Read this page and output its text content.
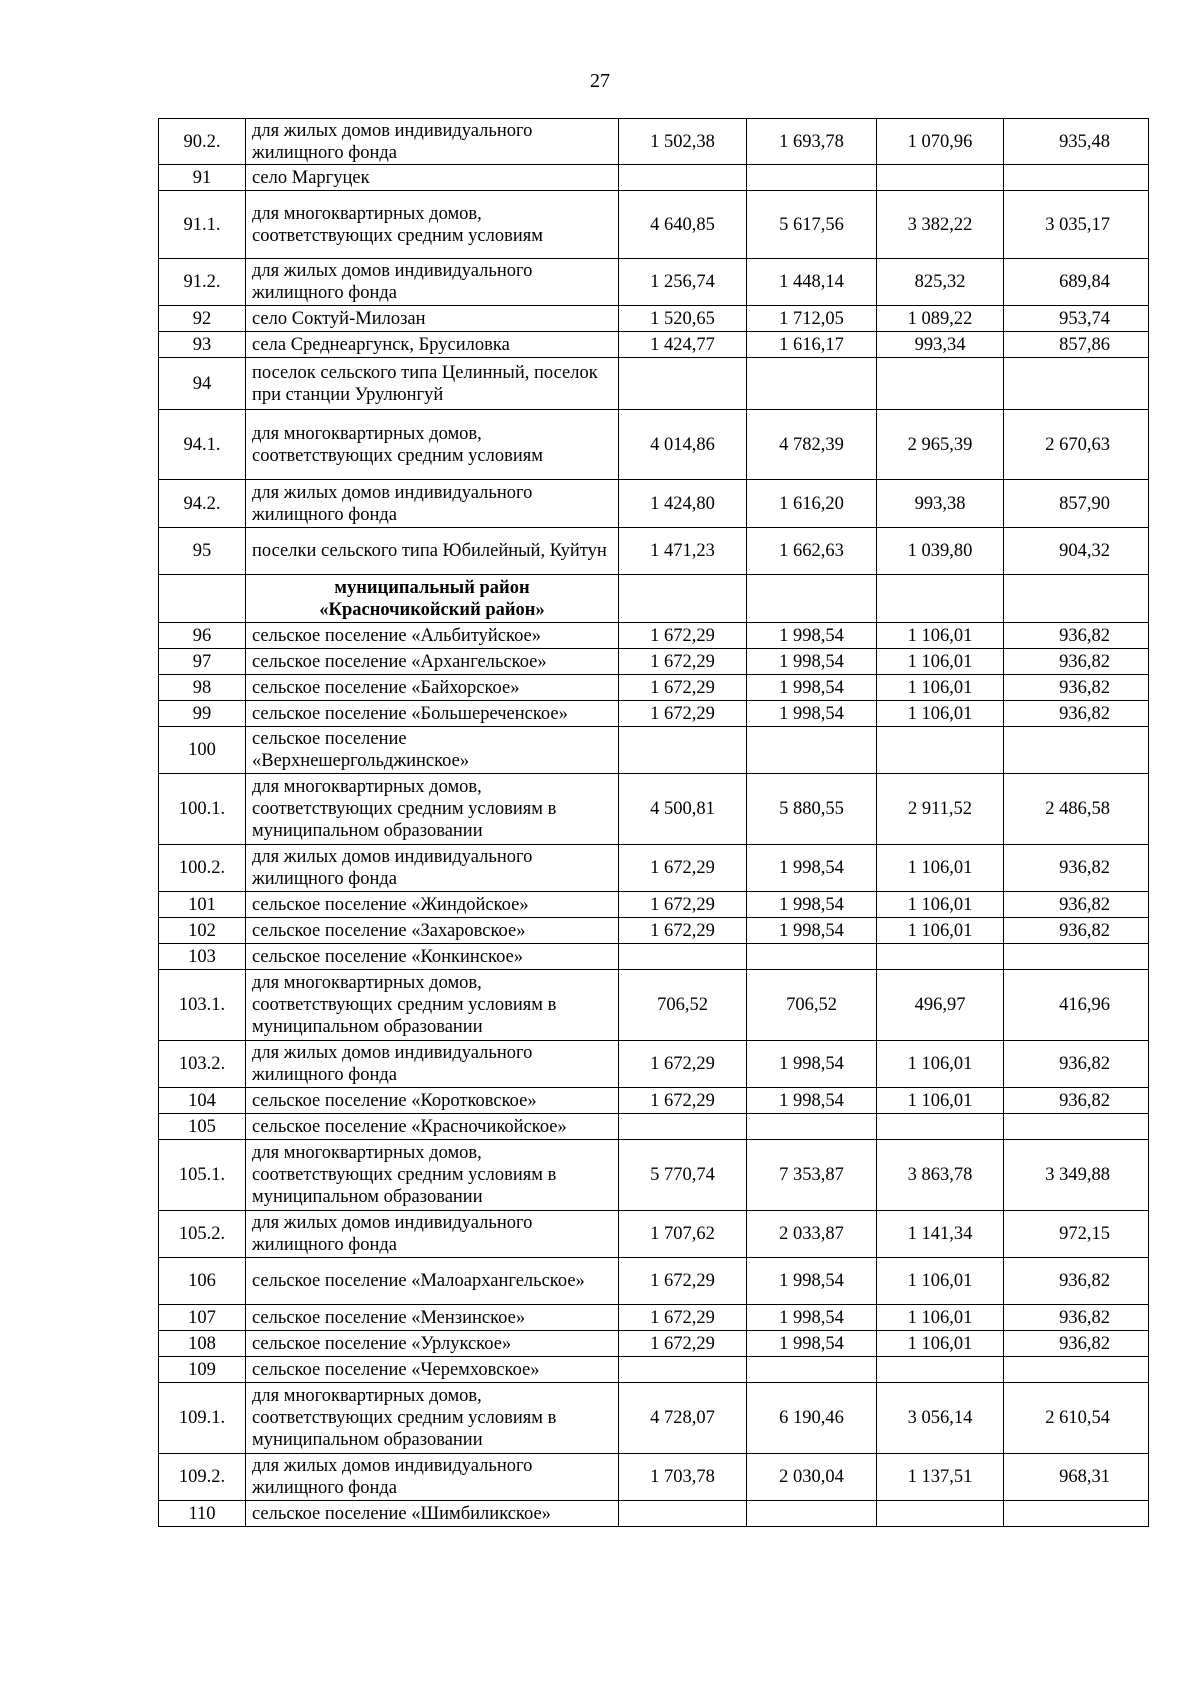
27
90.2.	для жилых домов индивидуального жилищного фонда	1 502,38	1 693,78	1 070,96	935,48
91	село Маргуцек				
91.1.	для многоквартирных домов, соответствующих средним условиям	4 640,85	5 617,56	3 382,22	3 035,17
91.2.	для жилых домов индивидуального жилищного фонда	1 256,74	1 448,14	825,32	689,84
92	село Соктуй-Милозан	1 520,65	1 712,05	1 089,22	953,74
93	села Среднеаргунск, Брусиловка	1 424,77	1 616,17	993,34	857,86
94	поселок сельского типа Целинный, поселок при станции Урулюнгуй				
94.1.	для многоквартирных домов, соответствующих средним условиям	4 014,86	4 782,39	2 965,39	2 670,63
94.2.	для жилых домов индивидуального жилищного фонда	1 424,80	1 616,20	993,38	857,90
95	поселки сельского типа Юбилейный, Куйтун	1 471,23	1 662,63	1 039,80	904,32
	муниципальный район «Красночикойский район»				
96	сельское поселение «Альбитуйское»	1 672,29	1 998,54	1 106,01	936,82
97	сельское поселение «Архангельское»	1 672,29	1 998,54	1 106,01	936,82
98	сельское поселение «Байхорское»	1 672,29	1 998,54	1 106,01	936,82
99	сельское поселение «Большереченское»	1 672,29	1 998,54	1 106,01	936,82
100	сельское поселение «Верхнешергольджинское»				
100.1.	для многоквартирных домов, соответствующих средним условиям в муниципальном образовании	4 500,81	5 880,55	2 911,52	2 486,58
100.2.	для жилых домов индивидуального жилищного фонда	1 672,29	1 998,54	1 106,01	936,82
101	сельское поселение «Жиндойское»	1 672,29	1 998,54	1 106,01	936,82
102	сельское поселение «Захаровское»	1 672,29	1 998,54	1 106,01	936,82
103	сельское поселение «Конкинское»				
103.1.	для многоквартирных домов, соответствующих средним условиям в муниципальном образовании	706,52	706,52	496,97	416,96
103.2.	для жилых домов индивидуального жилищного фонда	1 672,29	1 998,54	1 106,01	936,82
104	сельское поселение «Коротковское»	1 672,29	1 998,54	1 106,01	936,82
105	сельское поселение «Красночикойское»				
105.1.	для многоквартирных домов, соответствующих средним условиям в муниципальном образовании	5 770,74	7 353,87	3 863,78	3 349,88
105.2.	для жилых домов индивидуального жилищного фонда	1 707,62	2 033,87	1 141,34	972,15
106	сельское поселение «Малоархангельское»	1 672,29	1 998,54	1 106,01	936,82
107	сельское поселение «Мензинское»	1 672,29	1 998,54	1 106,01	936,82
108	сельское поселение «Урлукское»	1 672,29	1 998,54	1 106,01	936,82
109	сельское поселение «Черемховское»				
109.1.	для многоквартирных домов, соответствующих средним условиям в муниципальном образовании	4 728,07	6 190,46	3 056,14	2 610,54
109.2.	для жилых домов индивидуального жилищного фонда	1 703,78	2 030,04	1 137,51	968,31
110	сельское поселение «Шимбиликское»				
